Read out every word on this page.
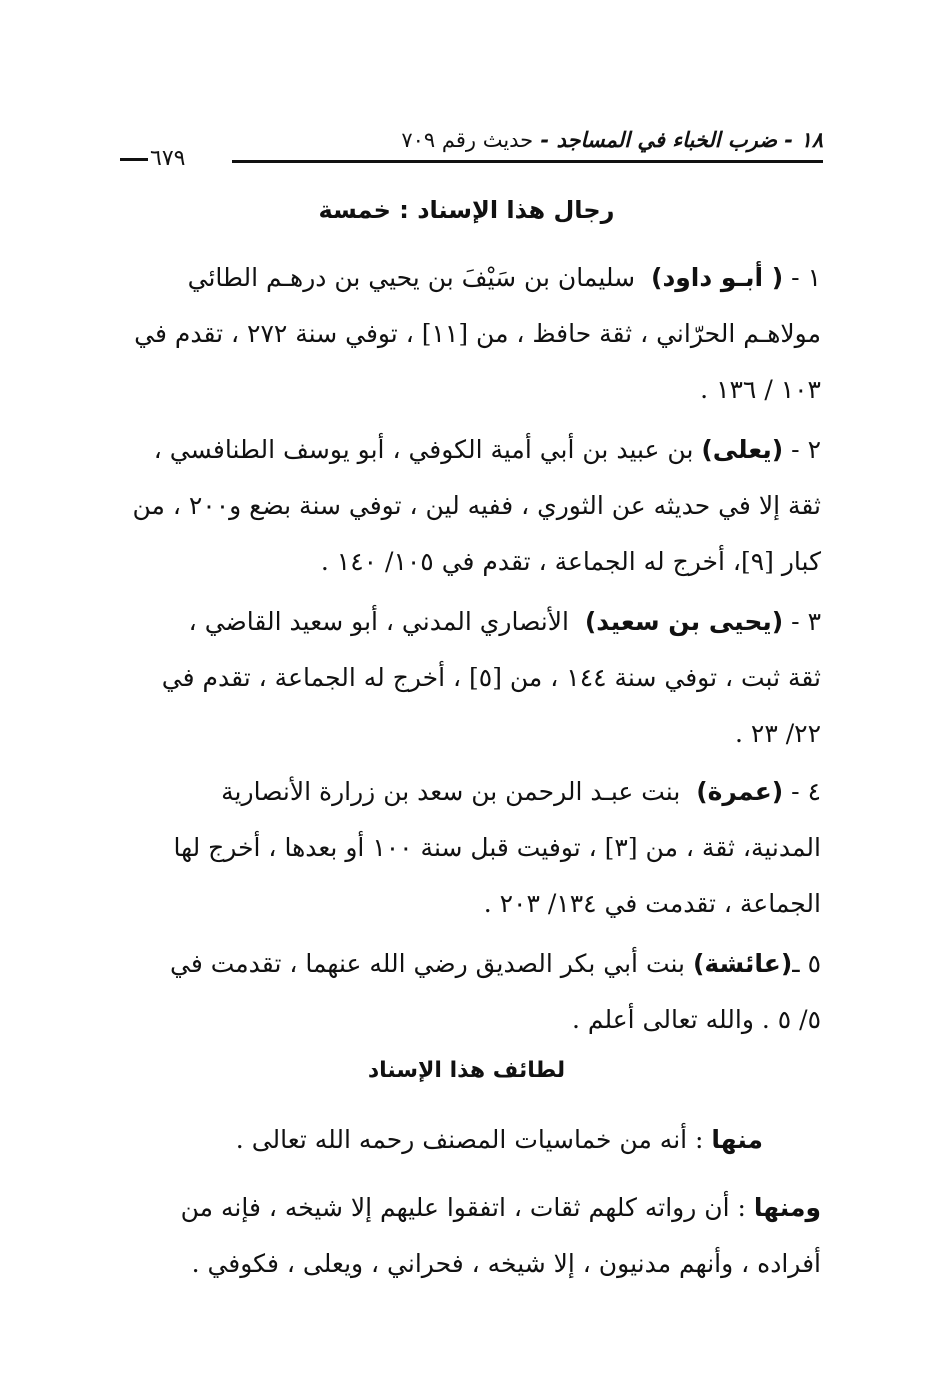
١٨ - ضرب الخباء في المساجد - حديث رقم ٧٠٩
٦٧٩
رجال هذا الإسناد : خمسة
١ - ( أبـو داود)  سليمان بن سَيْفَ بن يحيي بن درهـم الطائي
مولاهـم الحرّاني ، ثقة حافظ ، من [١١] ، توفي سنة ٢٧٢ ، تقدم في
١٠٣ / ١٣٦ .
٢ - (يعلى) بن عبيد بن أبي أمية الكوفي ، أبو يوسف الطنافسي ،
ثقة إلا في حديثه عن الثوري ، ففيه لين ، توفي سنة بضع و٢٠٠ ، من
كبار [٩]، أخرج له الجماعة ، تقدم في ١٠٥/ ١٤٠ .
٣ - (يحيى بن سعيد)  الأنصاري المدني ، أبو سعيد القاضي ،
ثقة ثبت ، توفي سنة ١٤٤ ، من [٥] ، أخرج له الجماعة ، تقدم في
٢٢/ ٢٣ .
٤ - (عمرة)  بنت عبـد الرحمن بن سعد بن زرارة الأنصارية
المدنية، ثقة ، من [٣] ، توفيت قبل سنة ١٠٠ أو بعدها ، أخرج لها
الجماعة ، تقدمت في ١٣٤/ ٢٠٣ .
٥ ـ(عائشة) بنت أبي بكر الصديق رضي الله عنهما ، تقدمت في
٥/ ٥ . والله تعالى أعلم .
لطائف هذا الإسناد
منها : أنه من خماسيات المصنف رحمه الله تعالى .
ومنها : أن رواته كلهم ثقات ، اتفقوا عليهم إلا شيخه ، فإنه من
أفراده ، وأنهم مدنيون ، إلا شيخه ، فحراني ، ويعلى ، فكوفي .
